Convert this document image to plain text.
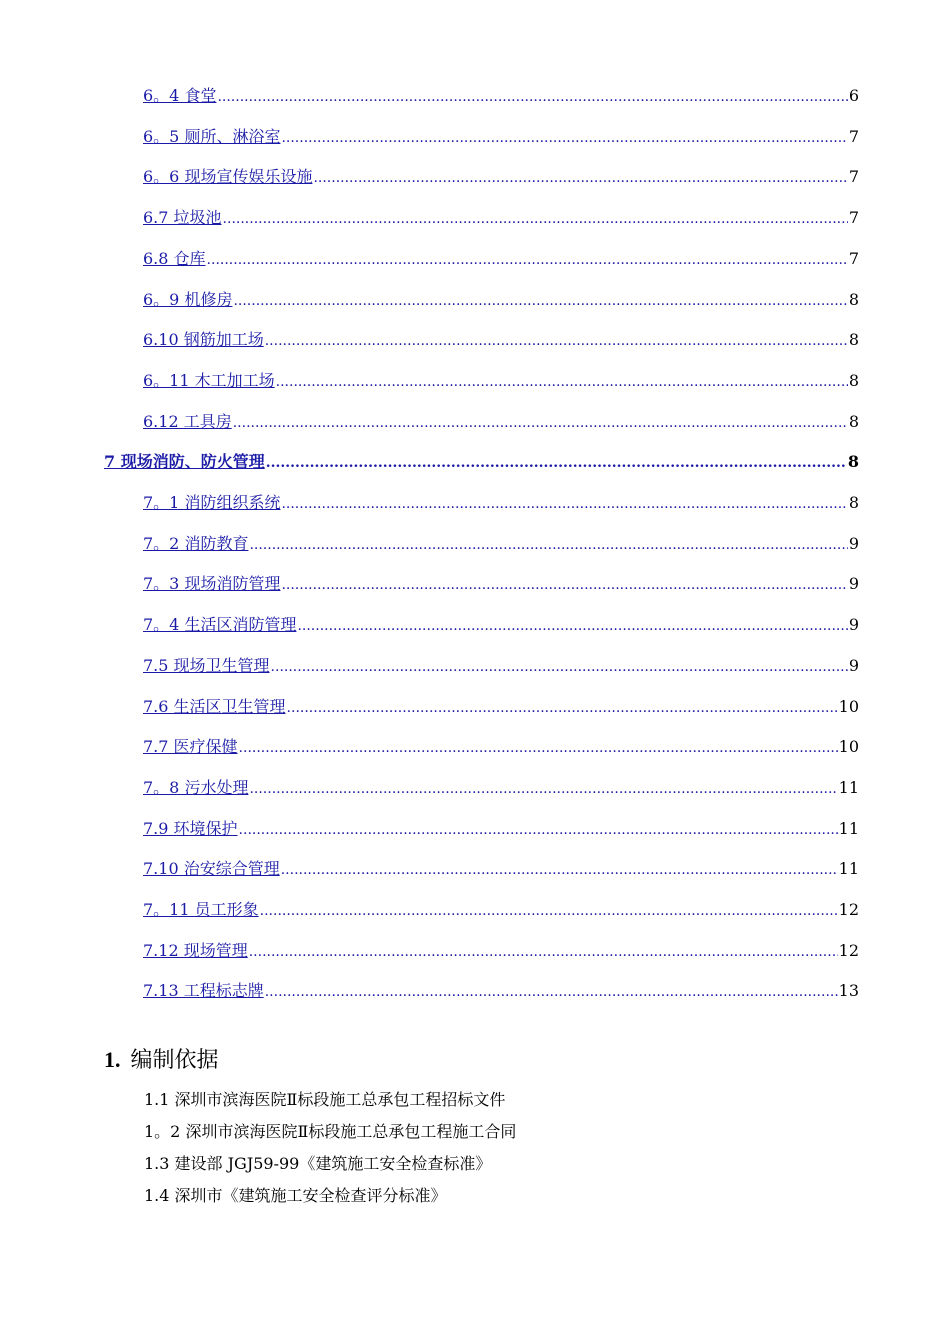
6。4 食堂 .....	6
6。5 厕所、淋浴室 .....	7
6。6 现场宣传娱乐设施 .....	7
6.7 垃圾池 .....	7
6.8 仓库 .....	7
6。9 机修房 .....	8
6.10 钢筋加工场 .....	8
6。11 木工加工场 .....	8
6.12 工具房 .....	8
7 现场消防、防火管理 .....	8
7。1 消防组织系统 .....	8
7。2 消防教育 .....	9
7。3 现场消防管理 .....	9
7。4 生活区消防管理 .....	9
7.5 现场卫生管理 .....	9
7.6 生活区卫生管理 .....	10
7.7 医疗保健 .....	10
7。8 污水处理 .....	11
7.9 环境保护 .....	11
7.10 治安综合管理 .....	11
7。11 员工形象 .....	12
7.12 现场管理 .....	12
7.13 工程标志牌 .....	13
1. 编制依据
1.1 深圳市滨海医院Ⅱ标段施工总承包工程招标文件
1。2 深圳市滨海医院Ⅱ标段施工总承包工程施工合同
1.3 建设部 JGJ59-99《建筑施工安全检查标准》
1.4 深圳市《建筑施工安全检查评分标准》
